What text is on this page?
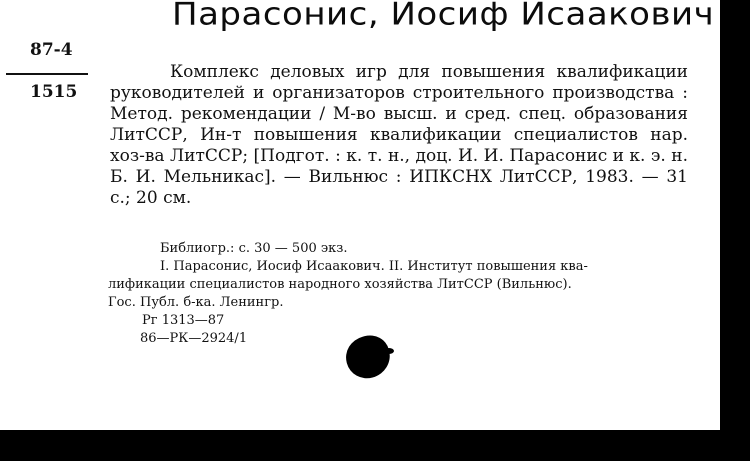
Парасонис, Иосиф Исаакович
87-4
1515
Комплекс деловых игр для повышения квалификации руководителей и организаторов строительного производства : Метод. рекомендации / М-во высш. и сред. спец. образования ЛитССР, Ин-т повышения квалификации специалистов нар. хоз-ва ЛитССР; [Подгот. : к. т. н., доц. И. И. Парасонис и к. э. н. Б. И. Мельникас]. — Вильнюс : ИПКСНХ ЛитССР, 1983. — 31 с.; 20 см.
Библиогр.: с. 30 — 500 экз.
I. Парасонис, Иосиф Исаакович. II. Институт повышения ква-
лификации специалистов народного хозяйства ЛитССР (Вильнюс).
Гос. Публ. б-ка. Ленингр.
Рг 1313—87
86—РК—2924/1
